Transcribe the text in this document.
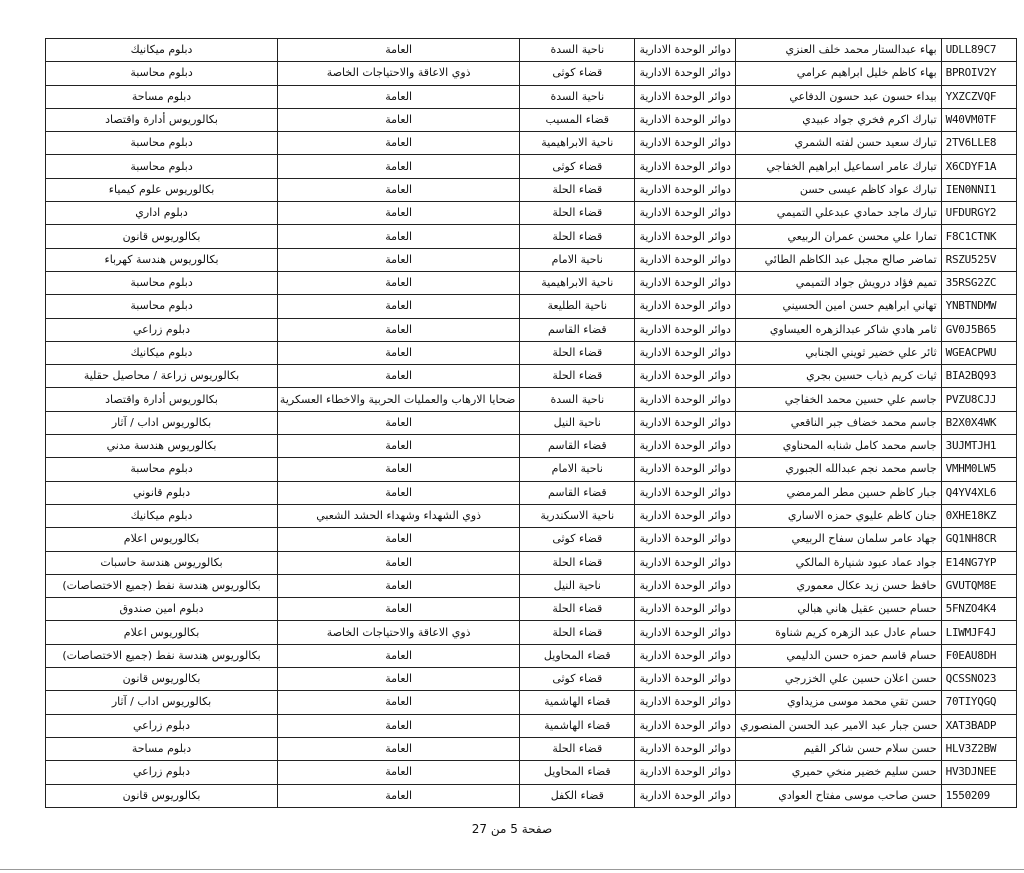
دبلوم ميكانيك	العامة	ناحية السدة	دوائر الوحدة الادارية	بهاء عبدالستار محمد خلف العنزي	UDLL89C7
دبلوم محاسبة	ذوي الاعاقة والاحتياجات الخاصة	قضاء كوثى	دوائر الوحدة الادارية	بهاء كاظم خليل ابراهيم عرامي	BPROIV2Y
دبلوم مساحة	العامة	ناحية السدة	دوائر الوحدة الادارية	بيداء حسون عبد حسون الدفاعي	YXZCZVQF
بكالوريوس أدارة واقتصاد	العامة	قضاء المسيب	دوائر الوحدة الادارية	تبارك اكرم فخري جواد عبيدي	W40VM0TF
دبلوم محاسبة	العامة	ناحية الابراهيمية	دوائر الوحدة الادارية	تبارك سعيد حسن لفته الشمري	2TV6LLE8
دبلوم محاسبة	العامة	قضاء كوثى	دوائر الوحدة الادارية	تبارك عامر اسماعيل ابراهيم الخفاجي	X6CDYF1A
بكالوريوس علوم كيمياء	العامة	قضاء الحلة	دوائر الوحدة الادارية	تبارك عواد كاظم عيسى حسن	IEN0NNI1
دبلوم اداري	العامة	قضاء الحلة	دوائر الوحدة الادارية	تبارك ماجد حمادي عبدعلي التميمي	UFDURGY2
بكالوريوس قانون	العامة	قضاء الحلة	دوائر الوحدة الادارية	تمارا علي محسن عمران الربيعي	F8C1CTNK
بكالوريوس هندسة كهرباء	العامة	ناحية الامام	دوائر الوحدة الادارية	تماضر صالح مجبل عبد الكاظم الطائي	RSZU525V
دبلوم محاسبة	العامة	ناحية الابراهيمية	دوائر الوحدة الادارية	تميم فؤاد درويش جواد التميمي	35RSG2ZC
دبلوم محاسبة	العامة	ناحية الطليعة	دوائر الوحدة الادارية	تهاني ابراهيم حسن امين الحسيني	YNBTNDMW
دبلوم زراعي	العامة	قضاء القاسم	دوائر الوحدة الادارية	ثامر هادي شاكر عبدالزهره العيساوي	GV0J5B65
دبلوم ميكانيك	العامة	قضاء الحلة	دوائر الوحدة الادارية	ثائر علي خضير ثويني الجنابي	WGEACPWU
بكالوريوس زراعة / محاصيل حقلية	العامة	قضاء الحلة	دوائر الوحدة الادارية	ثيات كريم ذياب حسين بجري	BIA2BQ93
بكالوريوس أدارة واقتصاد	ضحايا الارهاب والعمليات الحربية والاخطاء العسكرية	ناحية السدة	دوائر الوحدة الادارية	جاسم علي حسين محمد الخفاجي	PVZU8CJJ
بكالوريوس اداب / آثار	العامة	ناحية النيل	دوائر الوحدة الادارية	جاسم محمد خضاف جبر الناقعي	B2X0X4WK
بكالوريوس هندسة مدني	العامة	قضاء القاسم	دوائر الوحدة الادارية	جاسم محمد كامل شنابه المحناوي	3UJMTJH1
دبلوم محاسبة	العامة	ناحية الامام	دوائر الوحدة الادارية	جاسم محمد نجم عبدالله الجبوري	VMHM0LW5
دبلوم قانوني	العامة	قضاء القاسم	دوائر الوحدة الادارية	جبار كاظم حسين مطر المرمضي	Q4YV4XL6
دبلوم ميكانيك	ذوي الشهداء وشهداء الحشد الشعبي	ناحية الاسكندرية	دوائر الوحدة الادارية	جنان كاظم عليوي حمزه الاساري	0XHE18KZ
بكالوريوس اعلام	العامة	قضاء كوثى	دوائر الوحدة الادارية	جهاد عامر سلمان سفاح الربيعي	GQ1NH8CR
بكالوريوس هندسة حاسبات	العامة	قضاء الحلة	دوائر الوحدة الادارية	جواد عماد عبود شنيارة المالكي	E14NG7YP
بكالوريوس هندسة نفط (جميع الاختصاصات)	العامة	ناحية النيل	دوائر الوحدة الادارية	حافظ حسن زيد عكال معموري	GVUTQM8E
دبلوم امين صندوق	العامة	قضاء الحلة	دوائر الوحدة الادارية	حسام حسين عقيل هاني هبالي	5FNZO4K4
بكالوريوس اعلام	ذوي الاعاقة والاحتياجات الخاصة	قضاء الحلة	دوائر الوحدة الادارية	حسام عادل عبد الزهره كريم شناوة	LIWMJF4J
بكالوريوس هندسة نفط (جميع الاختصاصات)	العامة	قضاء المحاويل	دوائر الوحدة الادارية	حسام قاسم حمزه حسن الدليمي	F0EAU8DH
بكالوريوس قانون	العامة	قضاء كوثى	دوائر الوحدة الادارية	حسن اعلان حسين علي الخزرجي	QCSSNO23
بكالوريوس اداب / آثار	العامة	قضاء الهاشمية	دوائر الوحدة الادارية	حسن تقي محمد موسى مزيداوي	70TIYQGQ
دبلوم زراعي	العامة	قضاء الهاشمية	دوائر الوحدة الادارية	حسن جبار عبد الامير عبد الحسن المنصوري	XAT3BADP
دبلوم مساحة	العامة	قضاء الحلة	دوائر الوحدة الادارية	حسن سلام حسن شاكر القيم	HLV3Z2BW
دبلوم زراعي	العامة	قضاء المحاويل	دوائر الوحدة الادارية	حسن سليم خضير منخي حميري	HV3DJNEE
بكالوريوس قانون	العامة	قضاء الكفل	دوائر الوحدة الادارية	حسن صاحب موسى مفتاح العوادي	1550209
صفحة 5 من 27
